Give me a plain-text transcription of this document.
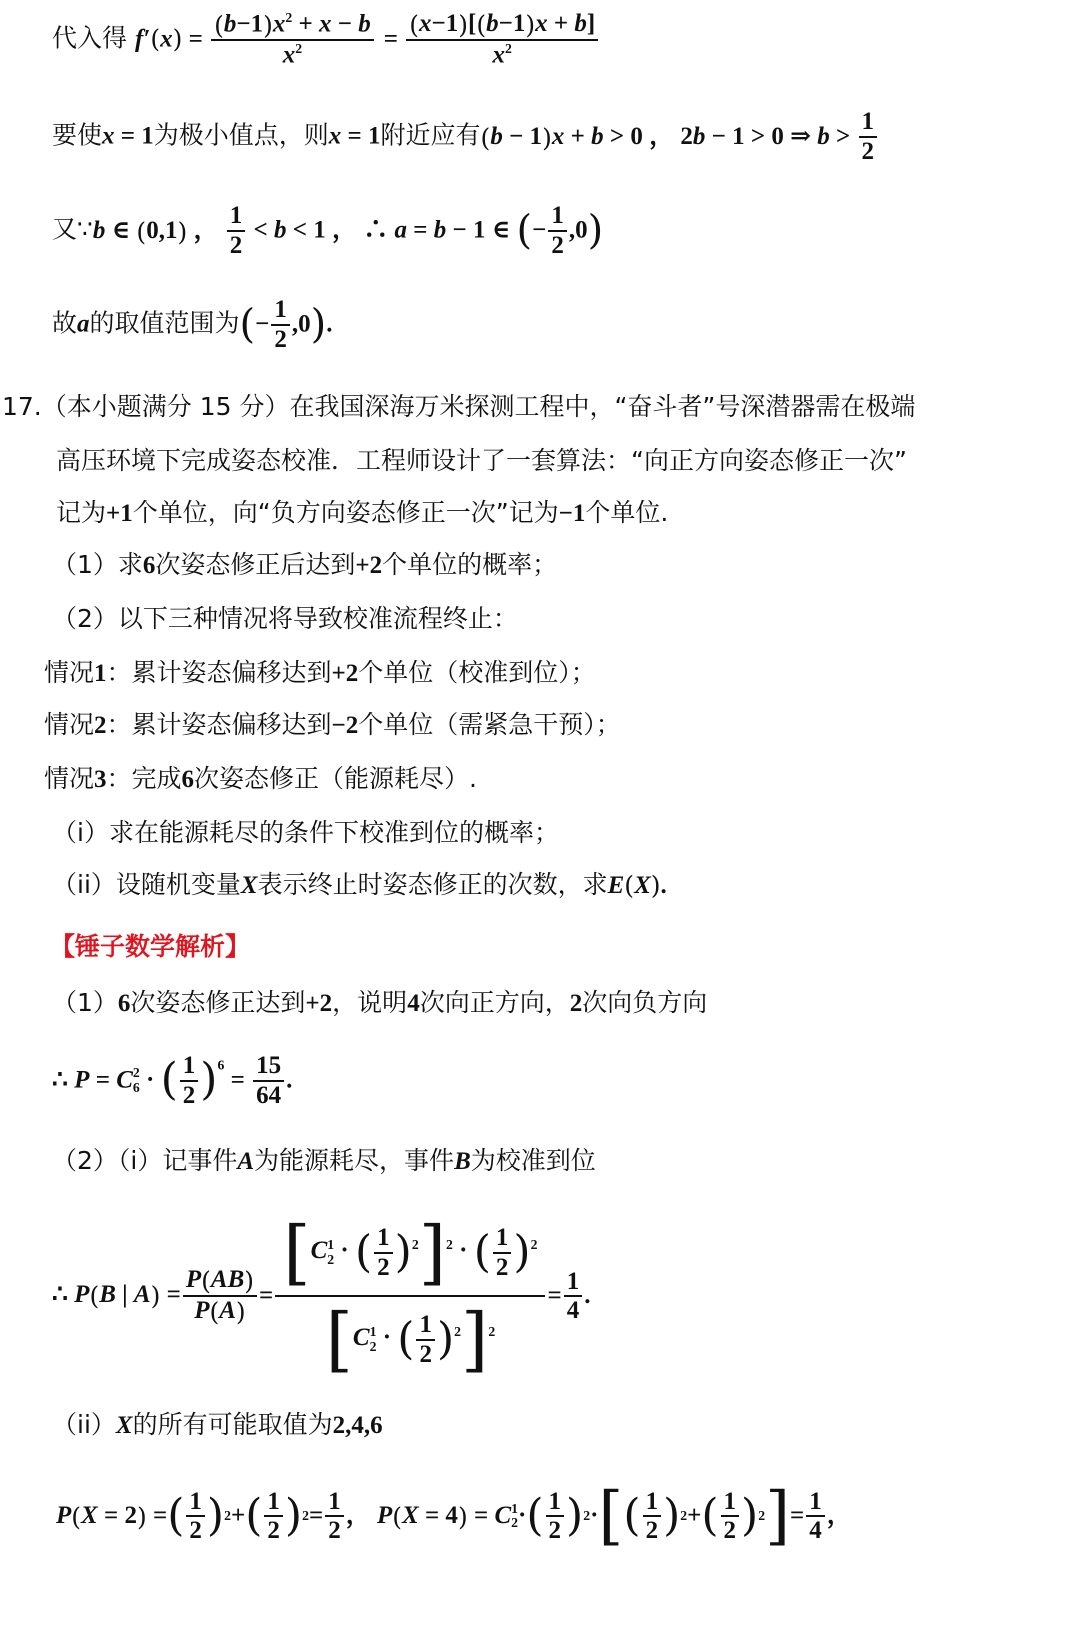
代入得 $f'(x) = \frac{(b-1)x^2 + x - b}{x^2} = \frac{(x-1)[(b-1)x + b]}{x^2}$
要使x = 1为极小值点，则x = 1附近应有(b − 1)x + b > 0 ， 2b − 1 > 0 ⇒ $b > \frac{1}{2}$
又∵b ∈ (0,1) ， $\frac{1}{2} < b < 1$ ， ∴ a = b − 1 ∈ (− $\frac{1}{2} ,0$)
故a的取值范围为(− $\frac{1}{2} ,0$).
17.（本小题满分 15 分）在我国深海万米探测工程中，“奋斗者”号深潜器需在极端
高压环境下完成姿态校准．工程师设计了一套算法：“向正方向姿态修正一次”
记为+1个单位，向“负方向姿态修正一次”记为−1个单位.
（1）求6次姿态修正后达到+2个单位的概率；
（2）以下三种情况将导致校准流程终止：
情况1：累计姿态偏移达到+2个单位（校准到位）；
情况2：累计姿态偏移达到−2个单位（需紧急干预）；
情况3：完成6次姿态修正（能源耗尽）.
（i）求在能源耗尽的条件下校准到位的概率；
（ii）设随机变量X表示终止时姿态修正的次数，求E(X).
【锤子数学解析】
（1）6次姿态修正达到+2，说明4次向正方向，2次向负方向
∴ P = C 2
6 · ( $\frac{1}{2} )^6 = \frac{15}{64}$ .
（2）（i）记事件A为能源耗尽，事件B为校准到位
∴ P(B | $A) = \frac{P(AB)}{P(A)} = [C$ 1
2 · ( $\frac{1}{2} )^2]^2$ · ( $\frac{1}{2} )^2$
[C 1
2 · ( $\frac{1}{2} )^2]^2 = \frac{1}{4}$ .
（ii）X的所有可能取值为2,4,6
P(X = 2) = ( $\frac{1}{2}$ ) 2 + ( $\frac{1}{2}$ ) $2 = \frac{1}{2}$ ， P(X = 4) = C 1
2 · ( $\frac{1}{2}$ ) 2 · [ ( $\frac{1}{2}$ ) 2 + ( $\frac{1}{2}$ ) 2 ] = $\frac{1}{4}$ ，
